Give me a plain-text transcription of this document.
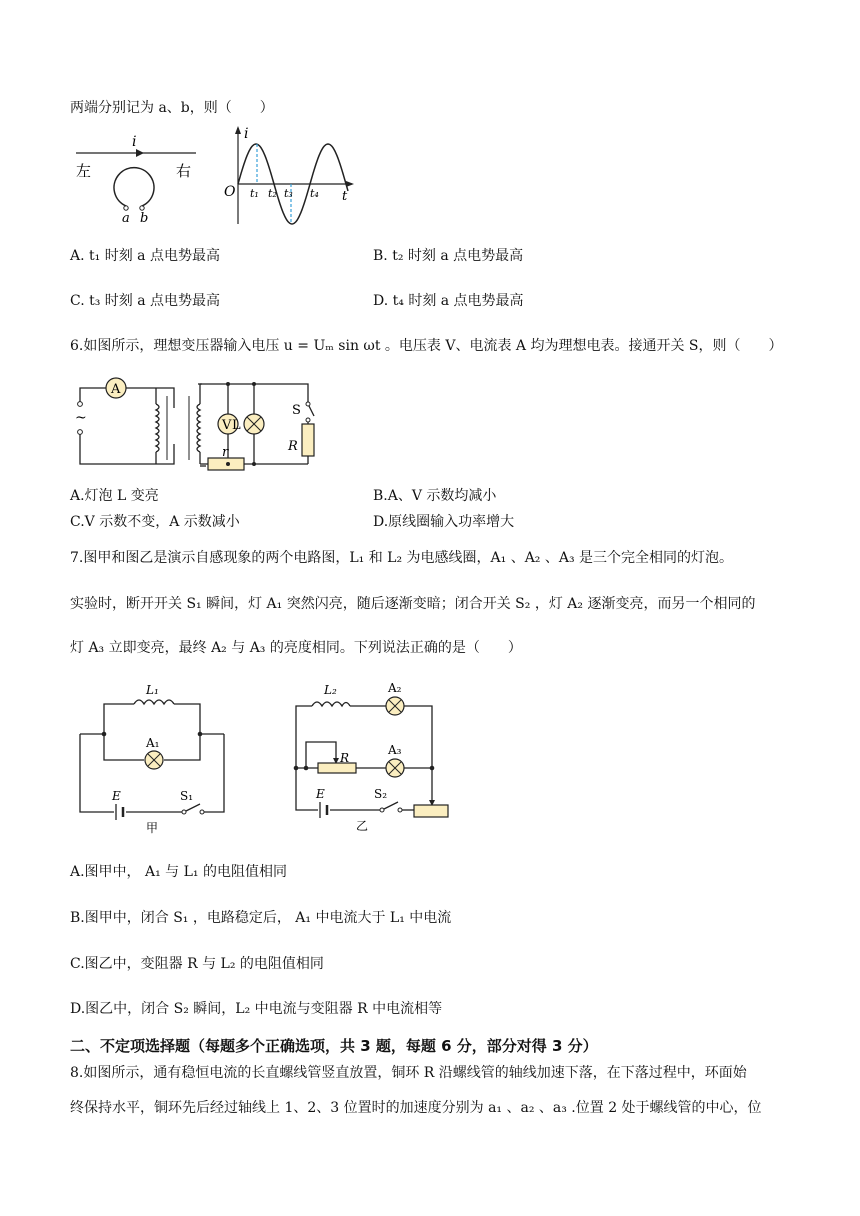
两端分别记为 a、b，则（　　）
i
左	右
a b
i
O	t
t₁ t₂ t₃ t₄
A. t₁ 时刻 a 点电势最高	B. t₂ 时刻 a 点电势最高
C. t₃ 时刻 a 点电势最高	D. t₄ 时刻 a 点电势最高
6.如图所示，理想变压器输入电压 u = Uₘ sin ωt 。电压表 V、电流表 A 均为理想电表。接通开关 S，则（　　）
A
~	V L
r	R
S
A.灯泡 L 变亮	B.A、V 示数均减小
C.V 示数不变，A 示数减小	D.原线圈输入功率增大
7.图甲和图乙是演示自感现象的两个电路图，L₁ 和 L₂ 为电感线圈，A₁ 、A₂ 、A₃ 是三个完全相同的灯泡。
实验时，断开开关 S₁ 瞬间，灯 A₁ 突然闪亮，随后逐渐变暗；闭合开关 S₂ ，灯 A₂ 逐渐变亮，而另一个相同的
灯 A₃ 立即变亮，最终 A₂ 与 A₃ 的亮度相同。下列说法正确的是（　　）
L₁
A₁
E	S₁
甲
L₂	A₂
A₃
R
E	S₂
乙
A.图甲中， A₁ 与 L₁ 的电阻值相同
B.图甲中，闭合 S₁ ，电路稳定后， A₁ 中电流大于 L₁ 中电流
C.图乙中，变阻器 R 与 L₂ 的电阻值相同
D.图乙中，闭合 S₂ 瞬间，L₂ 中电流与变阻器 R 中电流相等
二、不定项选择题（每题多个正确选项，共 3 题，每题 6 分，部分对得 3 分）
8.如图所示，通有稳恒电流的长直螺线管竖直放置，铜环 R 沿螺线管的轴线加速下落，在下落过程中，环面始
终保持水平，铜环先后经过轴线上 1、2、3 位置时的加速度分别为 a₁ 、a₂ 、a₃ .位置 2 处于螺线管的中心，位
